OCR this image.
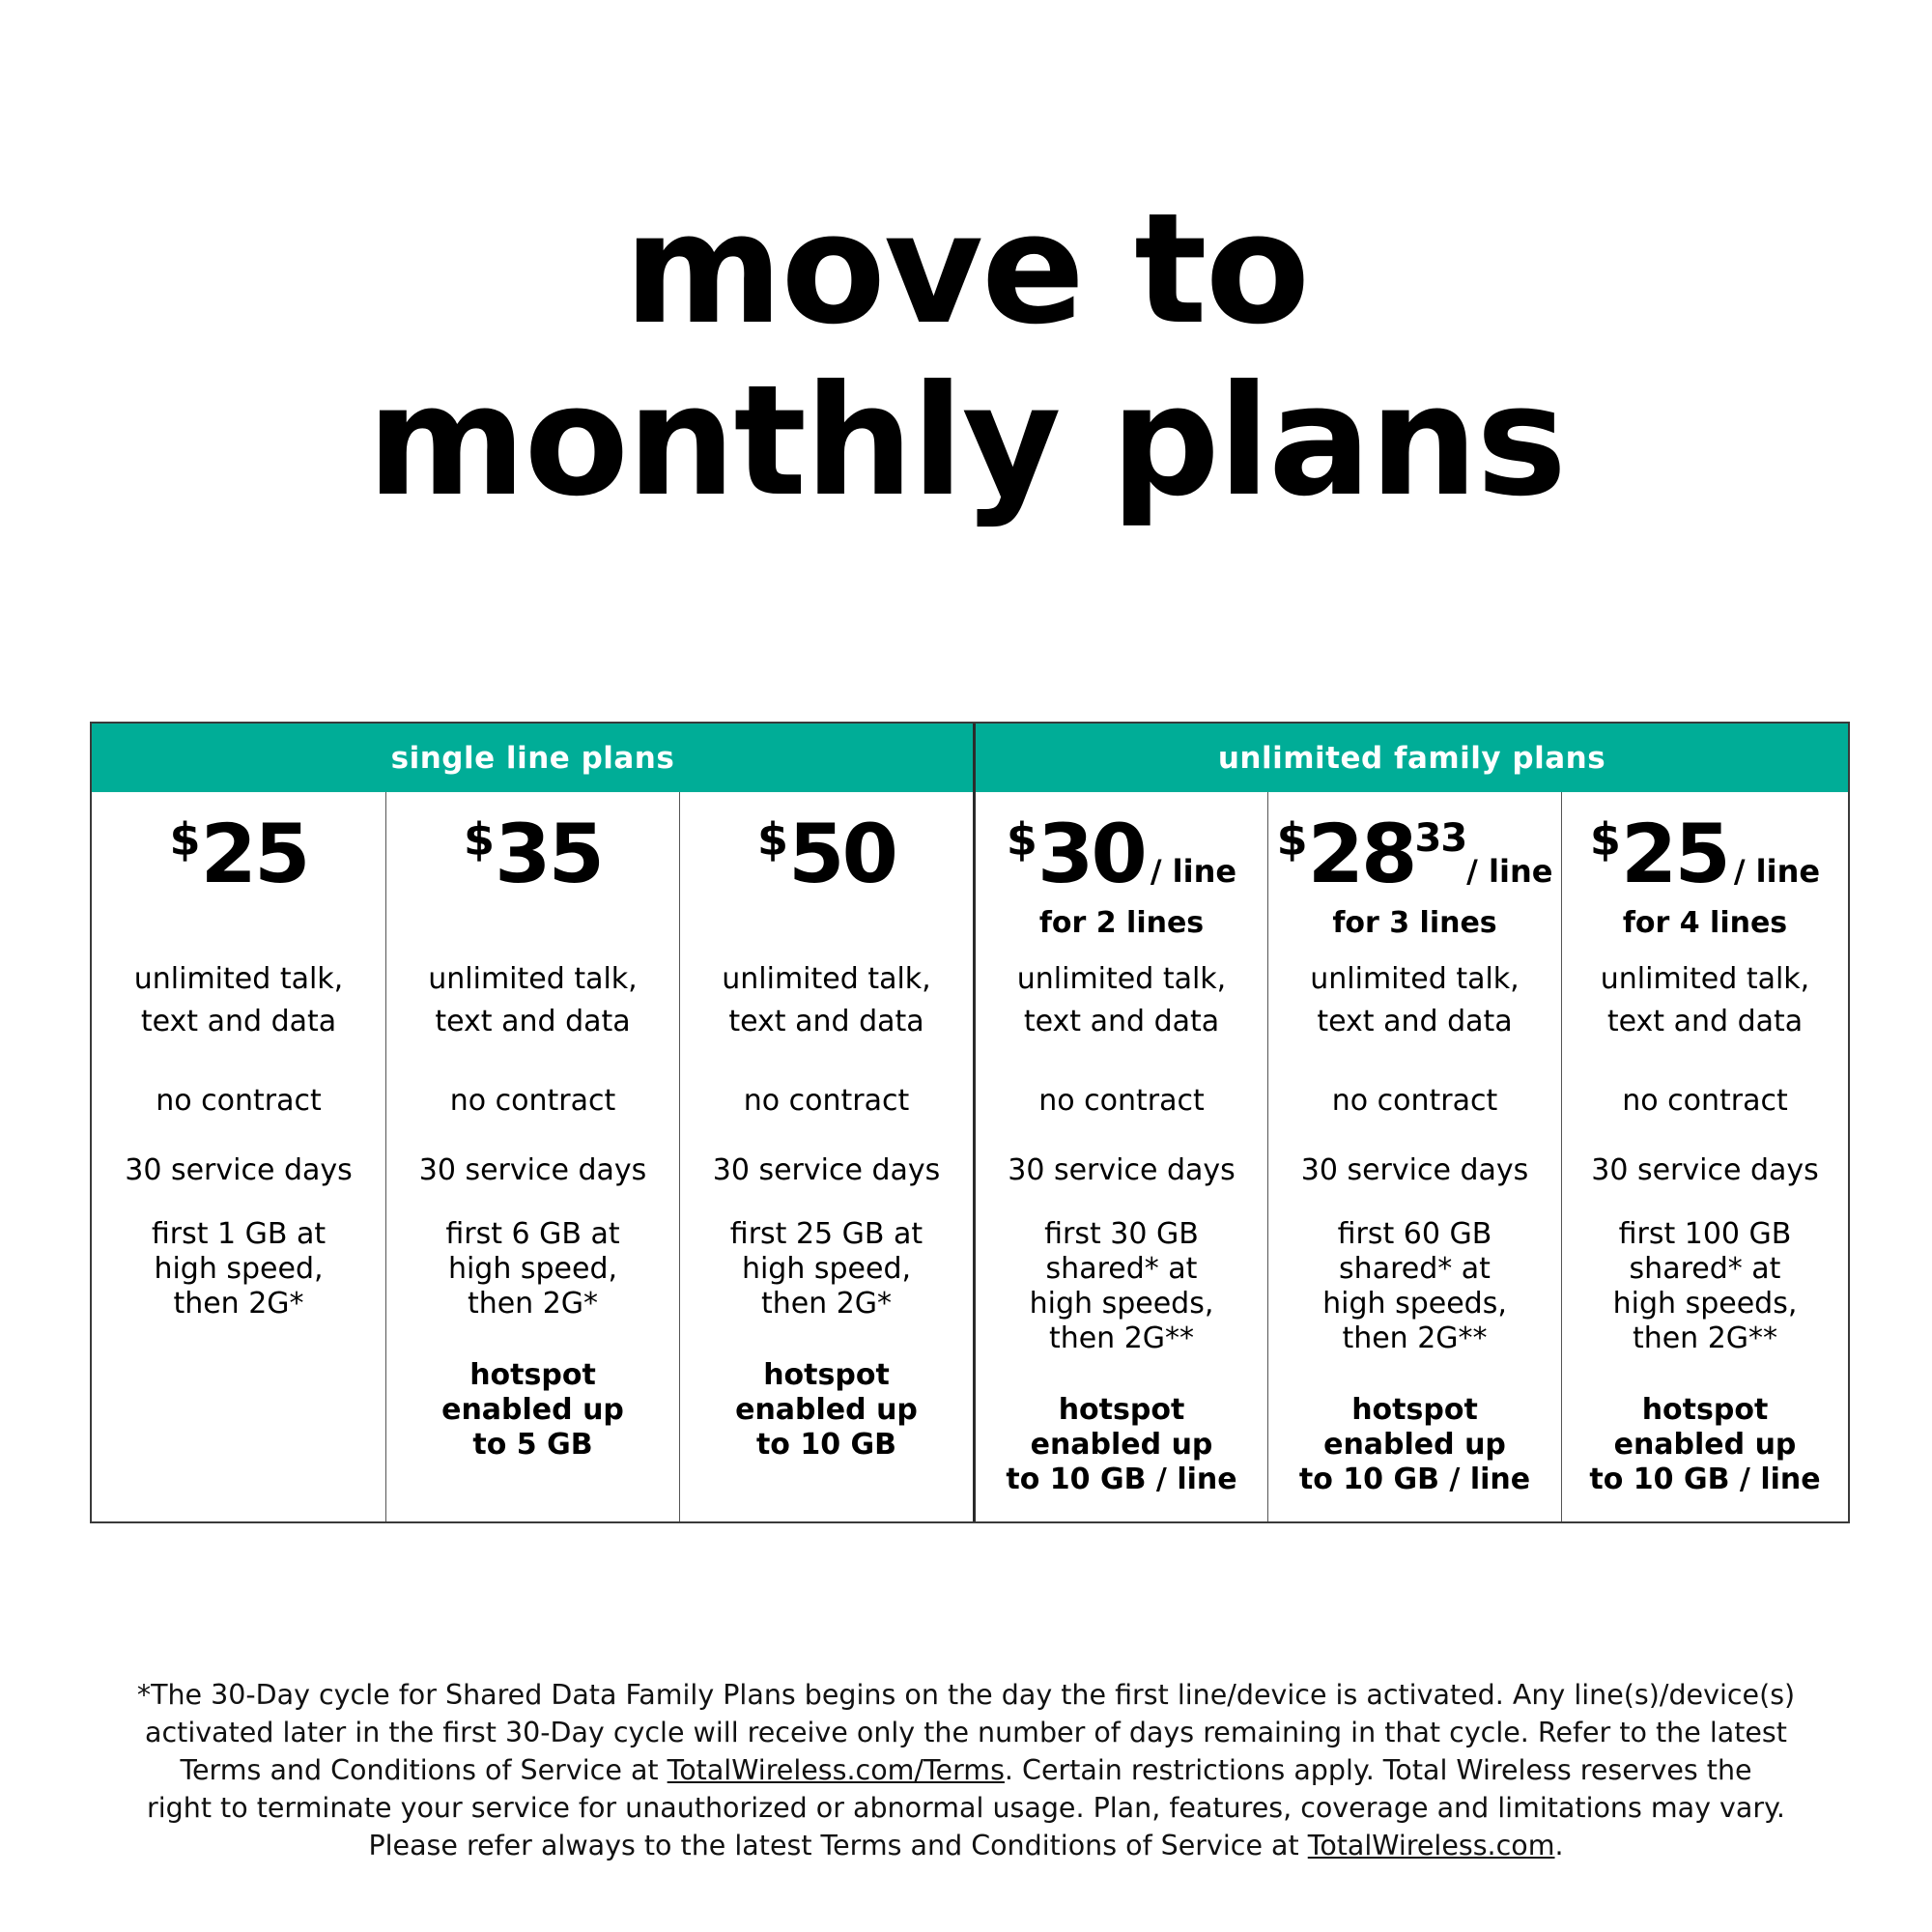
move to
monthly plans
single line plans	unlimited family plans
$ 25
unlimited talk,
text and data
no contract
30 service days
first 1 GB at
high speed,
then 2G*
$ 35
unlimited talk,
text and data
no contract
30 service days
first 6 GB at
high speed,
then 2G*
hotspot
enabled up
to 5 GB
$ 50
unlimited talk,
text and data
no contract
30 service days
first 25 GB at
high speed,
then 2G*
hotspot
enabled up
to 10 GB
$ 30 / line
for 2 lines
unlimited talk,
text and data
no contract
30 service days
first 30 GB
shared* at
high speeds,
then 2G**
hotspot
enabled up
to 10 GB / line
$ 28 33
/ line
for 3 lines
unlimited talk,
text and data
no contract
30 service days
first 60 GB
shared* at
high speeds,
then 2G**
hotspot
enabled up
to 10 GB / line
$ 25 / line
for 4 lines
unlimited talk,
text and data
no contract
30 service days
first 100 GB
shared* at
high speeds,
then 2G**
hotspot
enabled up
to 10 GB / line
*The 30-Day cycle for Shared Data Family Plans begins on the day the first line/device is activated. Any line(s)/device(s)
activated later in the first 30-Day cycle will receive only the number of days remaining in that cycle. Refer to the latest
Terms and Conditions of Service at TotalWireless.com/Terms. Certain restrictions apply. Total Wireless reserves the
right to terminate your service for unauthorized or abnormal usage. Plan, features, coverage and limitations may vary.
Please refer always to the latest Terms and Conditions of Service at TotalWireless.com.
